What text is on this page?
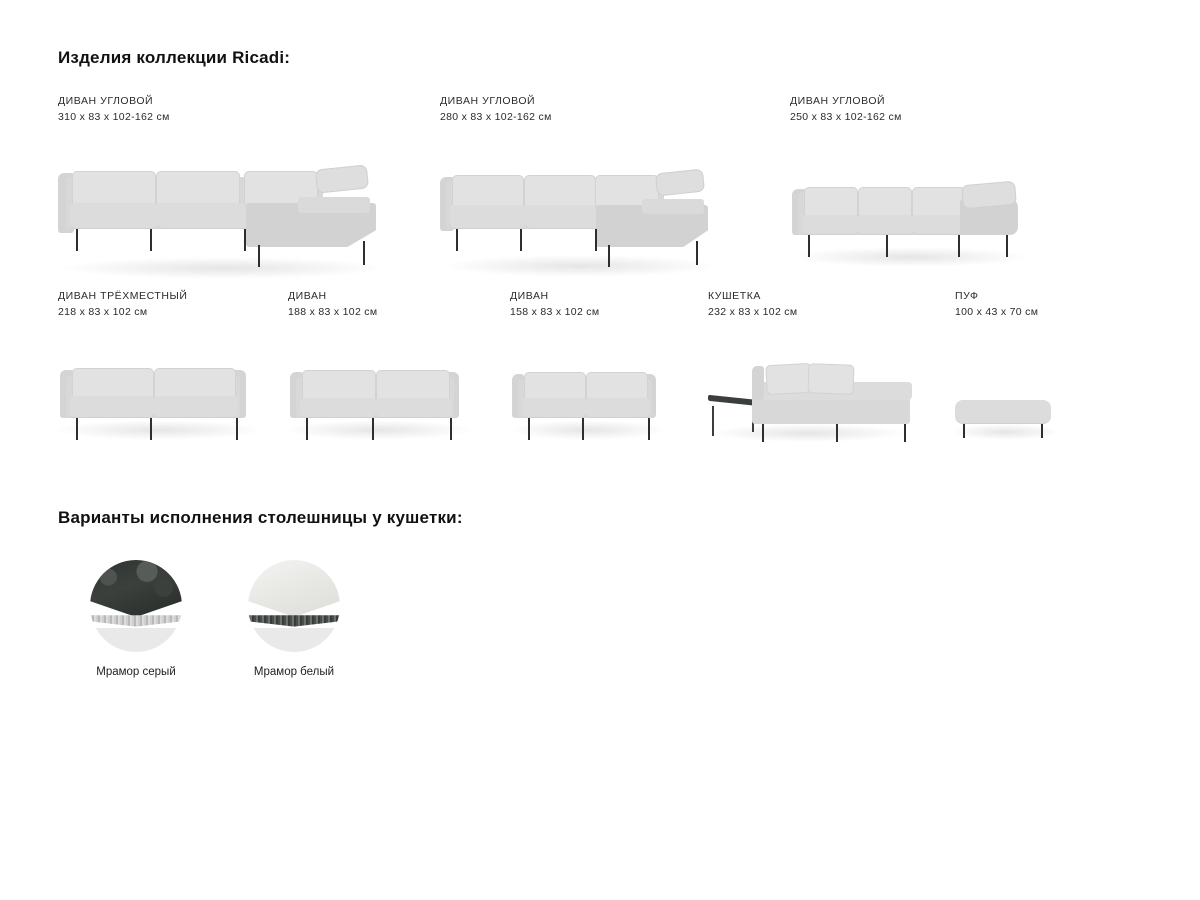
Изделия коллекции Ricadi:
ДИВАН УГЛОВОЙ
310 x 83 x 102-162 см
ДИВАН УГЛОВОЙ
280 x 83 x 102-162 см
ДИВАН УГЛОВОЙ
250 x 83 x 102-162 см
ДИВАН ТРЁХМЕСТНЫЙ
218 x 83 x 102 см
ДИВАН
188 x 83 x 102 см
ДИВАН
158 x 83 x 102 см
КУШЕТКА
232 x 83 x 102 см
ПУФ
100 x 43 x 70 см
Варианты исполнения столешницы у кушетки:
Мрамор серый	Мрамор белый
